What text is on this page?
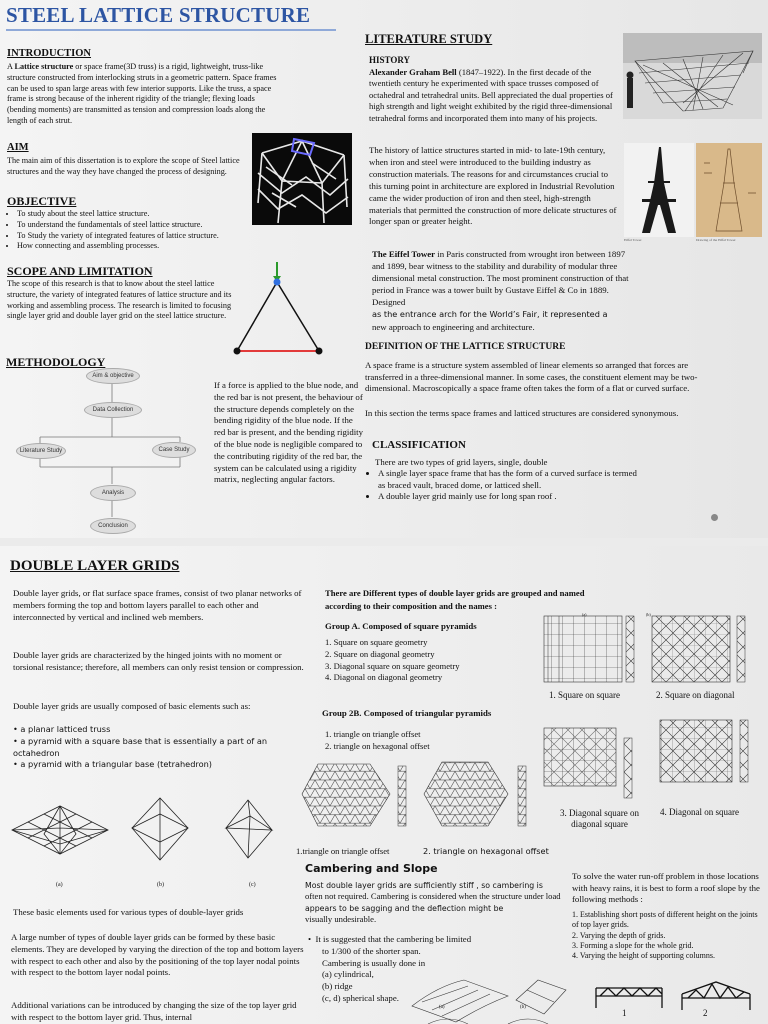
STEEL LATTICE STRUCTURE
INTRODUCTION
A Lattice structure or space frame(3D truss) is a rigid, lightweight, truss-like structure constructed from interlocking struts in a geometric pattern. Space frames can be used to span large areas with few interior supports. Like the truss, a space frame is strong because of the inherent rigidity of the triangle; flexing loads (bending moments) are transmitted as tension and compression loads along the length of each strut.
AIM
The main aim of this dissertation is to explore the scope of Steel lattice structures and the way they have changed the process of designing.
OBJECTIVE
• To study about the steel lattice structure.
• To understand the fundamentals of steel lattice structure.
• To Study the variety of integrated features of lattice structure.
• How connecting and assembling processes.
SCOPE AND LIMITATION
The scope of this research is that to know about the steel lattice structure, the variety of integrated features of lattice structure and its working and assembling process. The research is limited to focusing single layer grid and double layer grid on the steel lattice structure.
METHODOLOGY
Aim & objective
Data Collection
Literature Study	Case Study
Analysis
Conclusion
If a force is applied to the blue node, and the red bar is not present, the behaviour of the structure depends completely on the bending rigidity of the blue node. If the red bar is present, and the bending rigidity of the blue node is negligible compared to the contributing rigidity of the red bar, the system can be calculated using a rigidity matrix, neglecting angular factors.
LITERATURE STUDY
HISTORY
Alexander Graham Bell (1847–1922). In the first decade of the twentieth century he experimented with space trusses composed of octahedral and tetrahedral units. Bell appreciated the dual properties of high strength and light weight exhibited by the rigid three-dimensional tetrahedral forms and incorporated them into many of his projects.
The history of lattice structures started in mid- to late-19th century, when iron and steel were introduced to the building industry as construction materials. The reasons for and circumstances crucial to this turning point in architecture are explored in Industrial Revolution came the wider production of iron and then steel, high-strength materials that permitted the construction of more delicate structures of longer span or greater height.
Eiffel Tower	Drawing of the Eiffel Tower
The Eiffel Tower in Paris constructed from wrought iron between 1897 and 1899, bear witness to the stability and durability of modular three dimensional metal construction. The most prominent construction of that period in France was a tower built by Gustave Eiffel & Co in 1889. Designed
as the entrance arch for the World’s Fair, it represented a
new approach to engineering and architecture.
DEFINITION OF THE LATTICE STRUCTURE
A space frame is a structure system assembled of linear elements so arranged that forces are transferred in a three-dimensional manner. In some cases, the constituent element may be two-dimensional. Macroscopically a space frame often takes the form of a flat or curved surface.
In this section the terms space frames and latticed structures are considered synonymous.
CLASSIFICATION
There are two types of grid layers, single, double
• A single layer space frame that has the form of a curved surface is termed as braced vault, braced dome, or latticed shell.
• A double layer grid mainly use for long span roof .
DOUBLE LAYER GRIDS
Double layer grids, or flat surface space frames, consist of two planar networks of members forming the top and bottom layers parallel to each other and interconnected by vertical and inclined web members.
Double layer grids are characterized by the hinged joints with no moment or torsional resistance; therefore, all members can only resist tension or compression.
Double layer grids are usually composed of basic elements such as:
• a planar latticed truss
• a pyramid with a square base that is essentially a part of an octahedron
• a pyramid with a triangular base (tetrahedron)
(a)	(b)	(c)
These basic elements used for various types of double-layer grids
A large number of types of double layer grids can be formed by these basic elements. They are developed by varying the direction of the top and bottom layers with respect to each other and also by the positioning of the top layer nodal points with respect to the bottom layer nodal points.
Additional variations can be introduced by changing the size of the top layer grid with respect to the bottom layer grid. Thus, internal
There are Different types of double layer grids are grouped and named according to their composition and the names :
Group A. Composed of square pyramids
1. Square on square geometry
2. Square on diagonal geometry
3. Diagonal square on square geometry
4. Diagonal on diagonal geometry
(a)	(b)
1. Square on square	2. Square on diagonal
3. Diagonal square on diagonal square
4. Diagonal on square
Group 2B. Composed of triangular pyramids
1. triangle on triangle offset
2. triangle on hexagonal offset
1.triangle on triangle offset	2. triangle on hexagonal offset
Cambering and Slope
Most double layer grids are sufficiently stiff , so cambering is
often not required. Cambering is considered when the structure under load appears to be sagging and the deflection might be
visually undesirable.
•  It is suggested that the cambering be limited
to 1/300 of the shorter span.
Cambering is usually done in
(a) cylindrical,
(b) ridge
(c, d) spherical shape.
(a)	(b)
To solve the water run-off problem in those locations with heavy rains, it is best to form a roof slope by the following methods :
1. Establishing short posts of different height on the joints of top layer grids.
2. Varying the depth of grids.
3. Forming a slope for the whole grid.
4. Varying the height of supporting columns.
1	2
